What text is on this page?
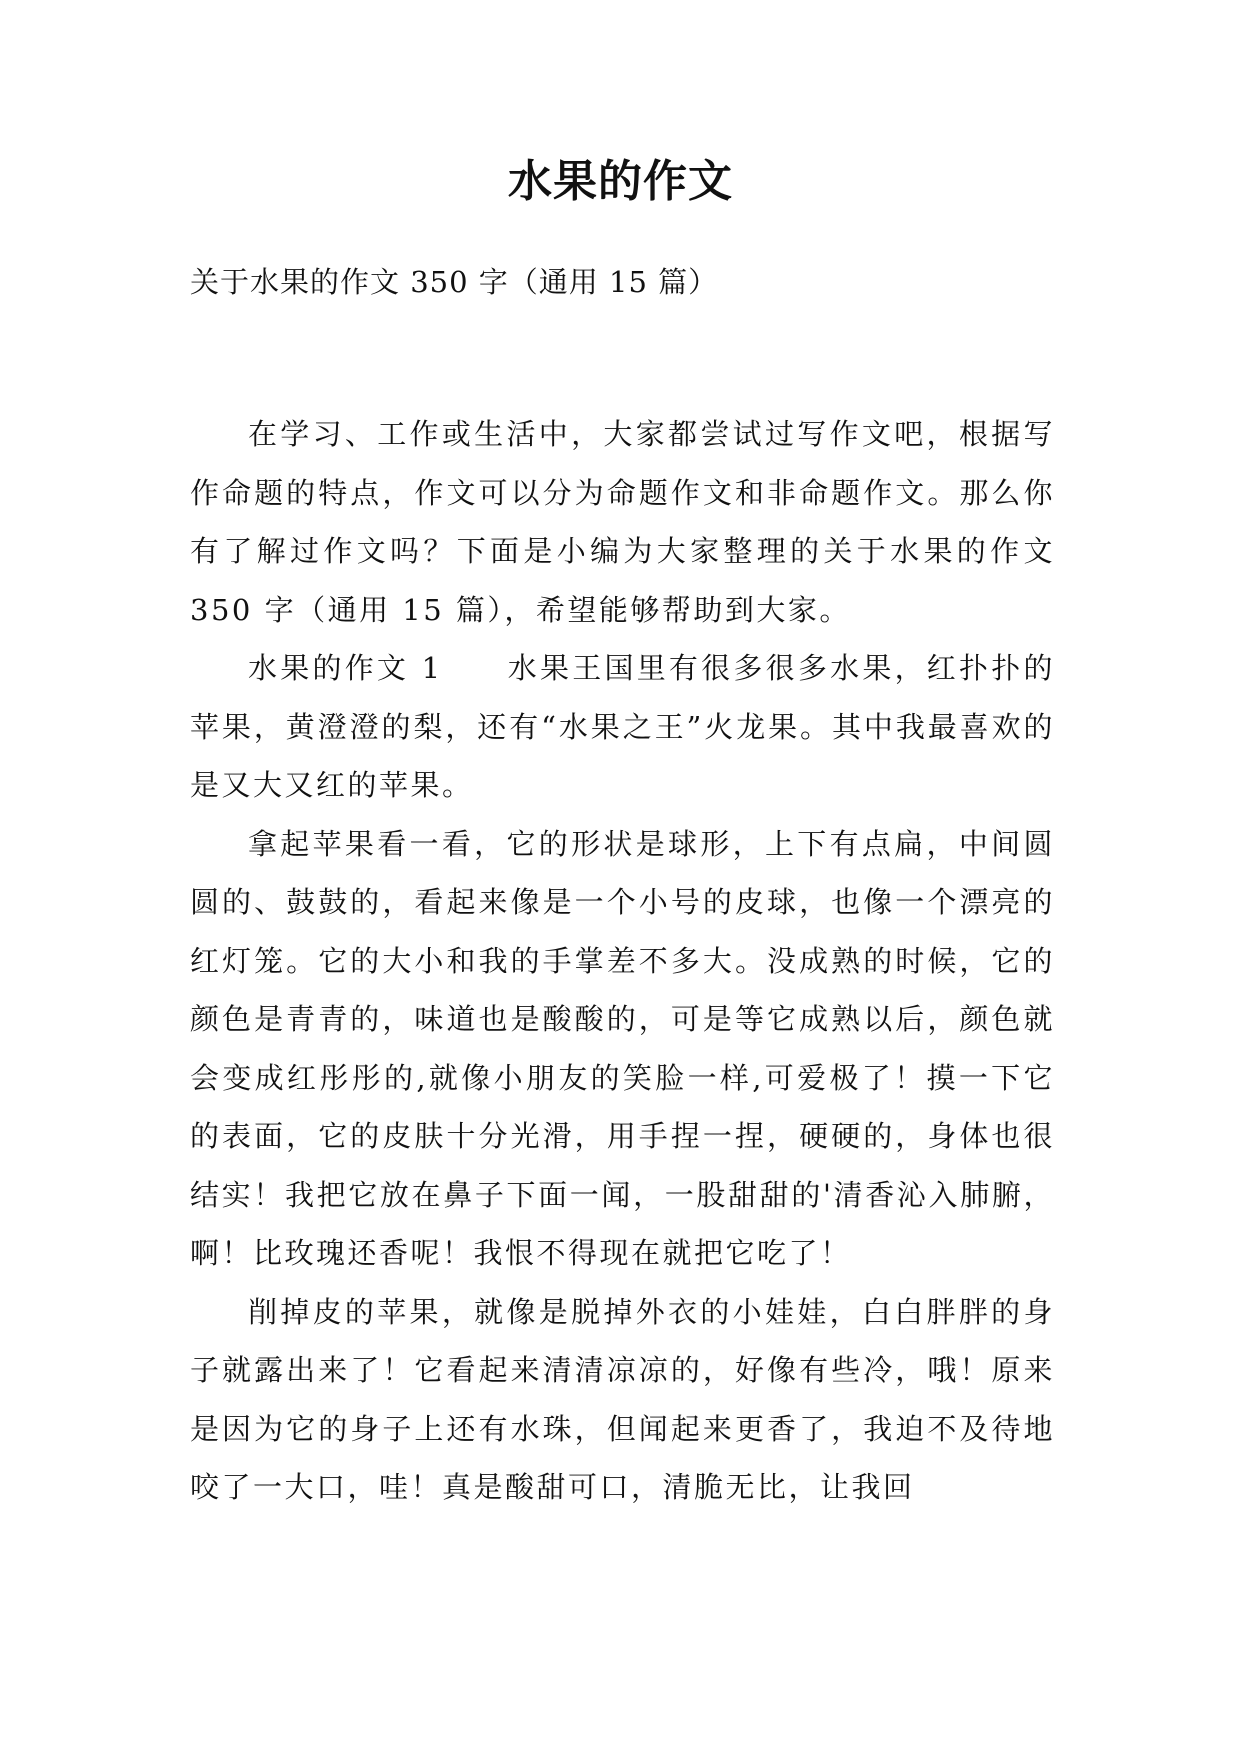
水果的作文
关于水果的作文 350 字（通用 15 篇）

在学习、工作或生活中，大家都尝试过写作文吧，根据写作命题的特点，作文可以分为命题作文和非命题作文。那么你有了解过作文吗？下面是小编为大家整理的关于水果的作文 350 字（通用 15 篇），希望能够帮助到大家。

水果的作文 1　　水果王国里有很多很多水果，红扑扑的苹果，黄澄澄的梨，还有“水果之王”火龙果。其中我最喜欢的是又大又红的苹果。

拿起苹果看一看，它的形状是球形，上下有点扁，中间圆圆的、鼓鼓的，看起来像是一个小号的皮球，也像一个漂亮的红灯笼。它的大小和我的手掌差不多大。没成熟的时候，它的颜色是青青的，味道也是酸酸的，可是等它成熟以后，颜色就会变成红彤彤的,就像小朋友的笑脸一样,可爱极了！摸一下它的表面，它的皮肤十分光滑，用手捏一捏，硬硬的，身体也很结实！我把它放在鼻子下面一闻，一股甜甜的'清香沁入肺腑，啊！比玫瑰还香呢！我恨不得现在就把它吃了！

削掉皮的苹果，就像是脱掉外衣的小娃娃，白白胖胖的身子就露出来了！它看起来清清凉凉的，好像有些冷，哦！原来是因为它的身子上还有水珠，但闻起来更香了，我迫不及待地咬了一大口，哇！真是酸甜可口，清脆无比，让我回
